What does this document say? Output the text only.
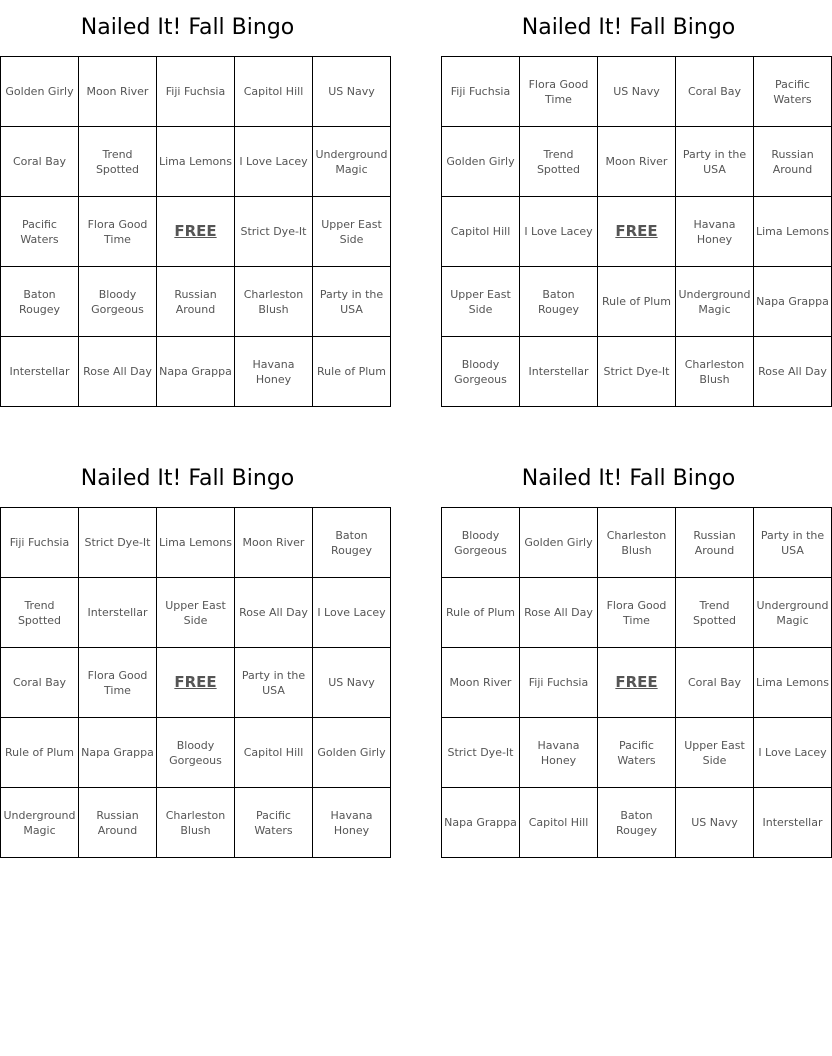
Nailed It! Fall Bingo
Golden Girly	Moon River	Fiji Fuchsia	Capitol Hill	US Navy
Coral Bay	Trend Spotted	Lima Lemons	I Love Lacey	Underground Magic
Pacific Waters	Flora Good Time	FREE	Strict Dye-It	Upper East Side
Baton Rougey	Bloody Gorgeous	Russian Around	Charleston Blush	Party in the USA
Interstellar	Rose All Day	Napa Grappa	Havana Honey	Rule of Plum
Nailed It! Fall Bingo
Fiji Fuchsia	Flora Good Time	US Navy	Coral Bay	Pacific Waters
Golden Girly	Trend Spotted	Moon River	Party in the USA	Russian Around
Capitol Hill	I Love Lacey	FREE	Havana Honey	Lima Lemons
Upper East Side	Baton Rougey	Rule of Plum	Underground Magic	Napa Grappa
Bloody Gorgeous	Interstellar	Strict Dye-It	Charleston Blush	Rose All Day
Nailed It! Fall Bingo
Fiji Fuchsia	Strict Dye-It	Lima Lemons	Moon River	Baton Rougey
Trend Spotted	Interstellar	Upper East Side	Rose All Day	I Love Lacey
Coral Bay	Flora Good Time	FREE	Party in the USA	US Navy
Rule of Plum	Napa Grappa	Bloody Gorgeous	Capitol Hill	Golden Girly
Underground Magic	Russian Around	Charleston Blush	Pacific Waters	Havana Honey
Nailed It! Fall Bingo
Bloody Gorgeous	Golden Girly	Charleston Blush	Russian Around	Party in the USA
Rule of Plum	Rose All Day	Flora Good Time	Trend Spotted	Underground Magic
Moon River	Fiji Fuchsia	FREE	Coral Bay	Lima Lemons
Strict Dye-It	Havana Honey	Pacific Waters	Upper East Side	I Love Lacey
Napa Grappa	Capitol Hill	Baton Rougey	US Navy	Interstellar
